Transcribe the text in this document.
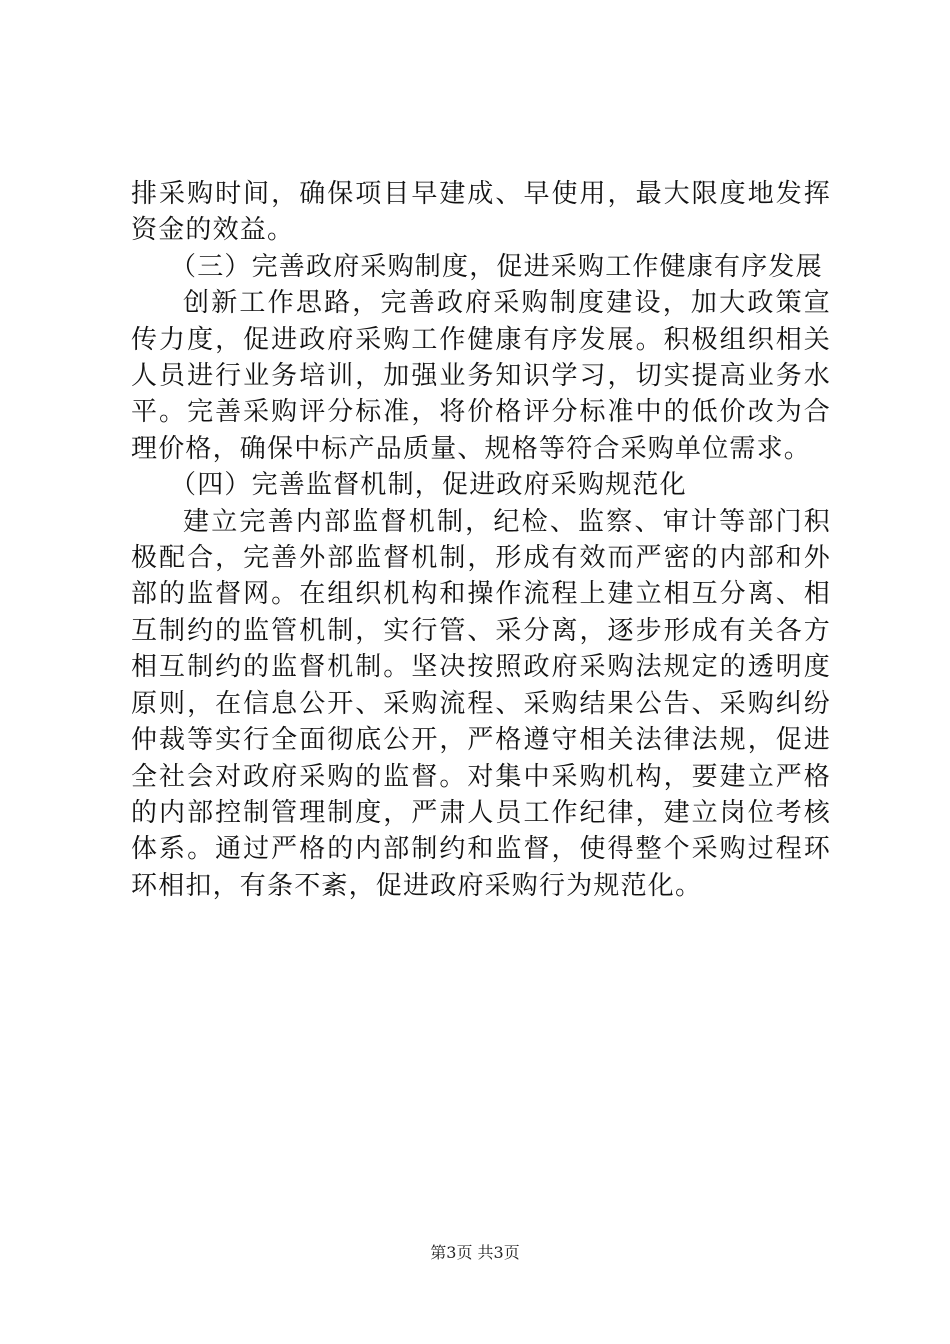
排采购时间，确保项目早建成、早使用，最大限度地发挥资金的效益。

（三）完善政府采购制度，促进采购工作健康有序发展

创新工作思路，完善政府采购制度建设，加大政策宣传力度，促进政府采购工作健康有序发展。积极组织相关人员进行业务培训，加强业务知识学习，切实提高业务水平。完善采购评分标准，将价格评分标准中的低价改为合理价格，确保中标产品质量、规格等符合采购单位需求。

（四）完善监督机制，促进政府采购规范化

建立完善内部监督机制，纪检、监察、审计等部门积极配合，完善外部监督机制，形成有效而严密的内部和外部的监督网。在组织机构和操作流程上建立相互分离、相互制约的监管机制，实行管、采分离，逐步形成有关各方相互制约的监督机制。坚决按照政府采购法规定的透明度原则，在信息公开、采购流程、采购结果公告、采购纠纷仲裁等实行全面彻底公开，严格遵守相关法律法规，促进全社会对政府采购的监督。对集中采购机构，要建立严格的内部控制管理制度，严肃人员工作纪律，建立岗位考核体系。通过严格的内部制约和监督，使得整个采购过程环环相扣，有条不紊，促进政府采购行为规范化。

第3页 共3页
